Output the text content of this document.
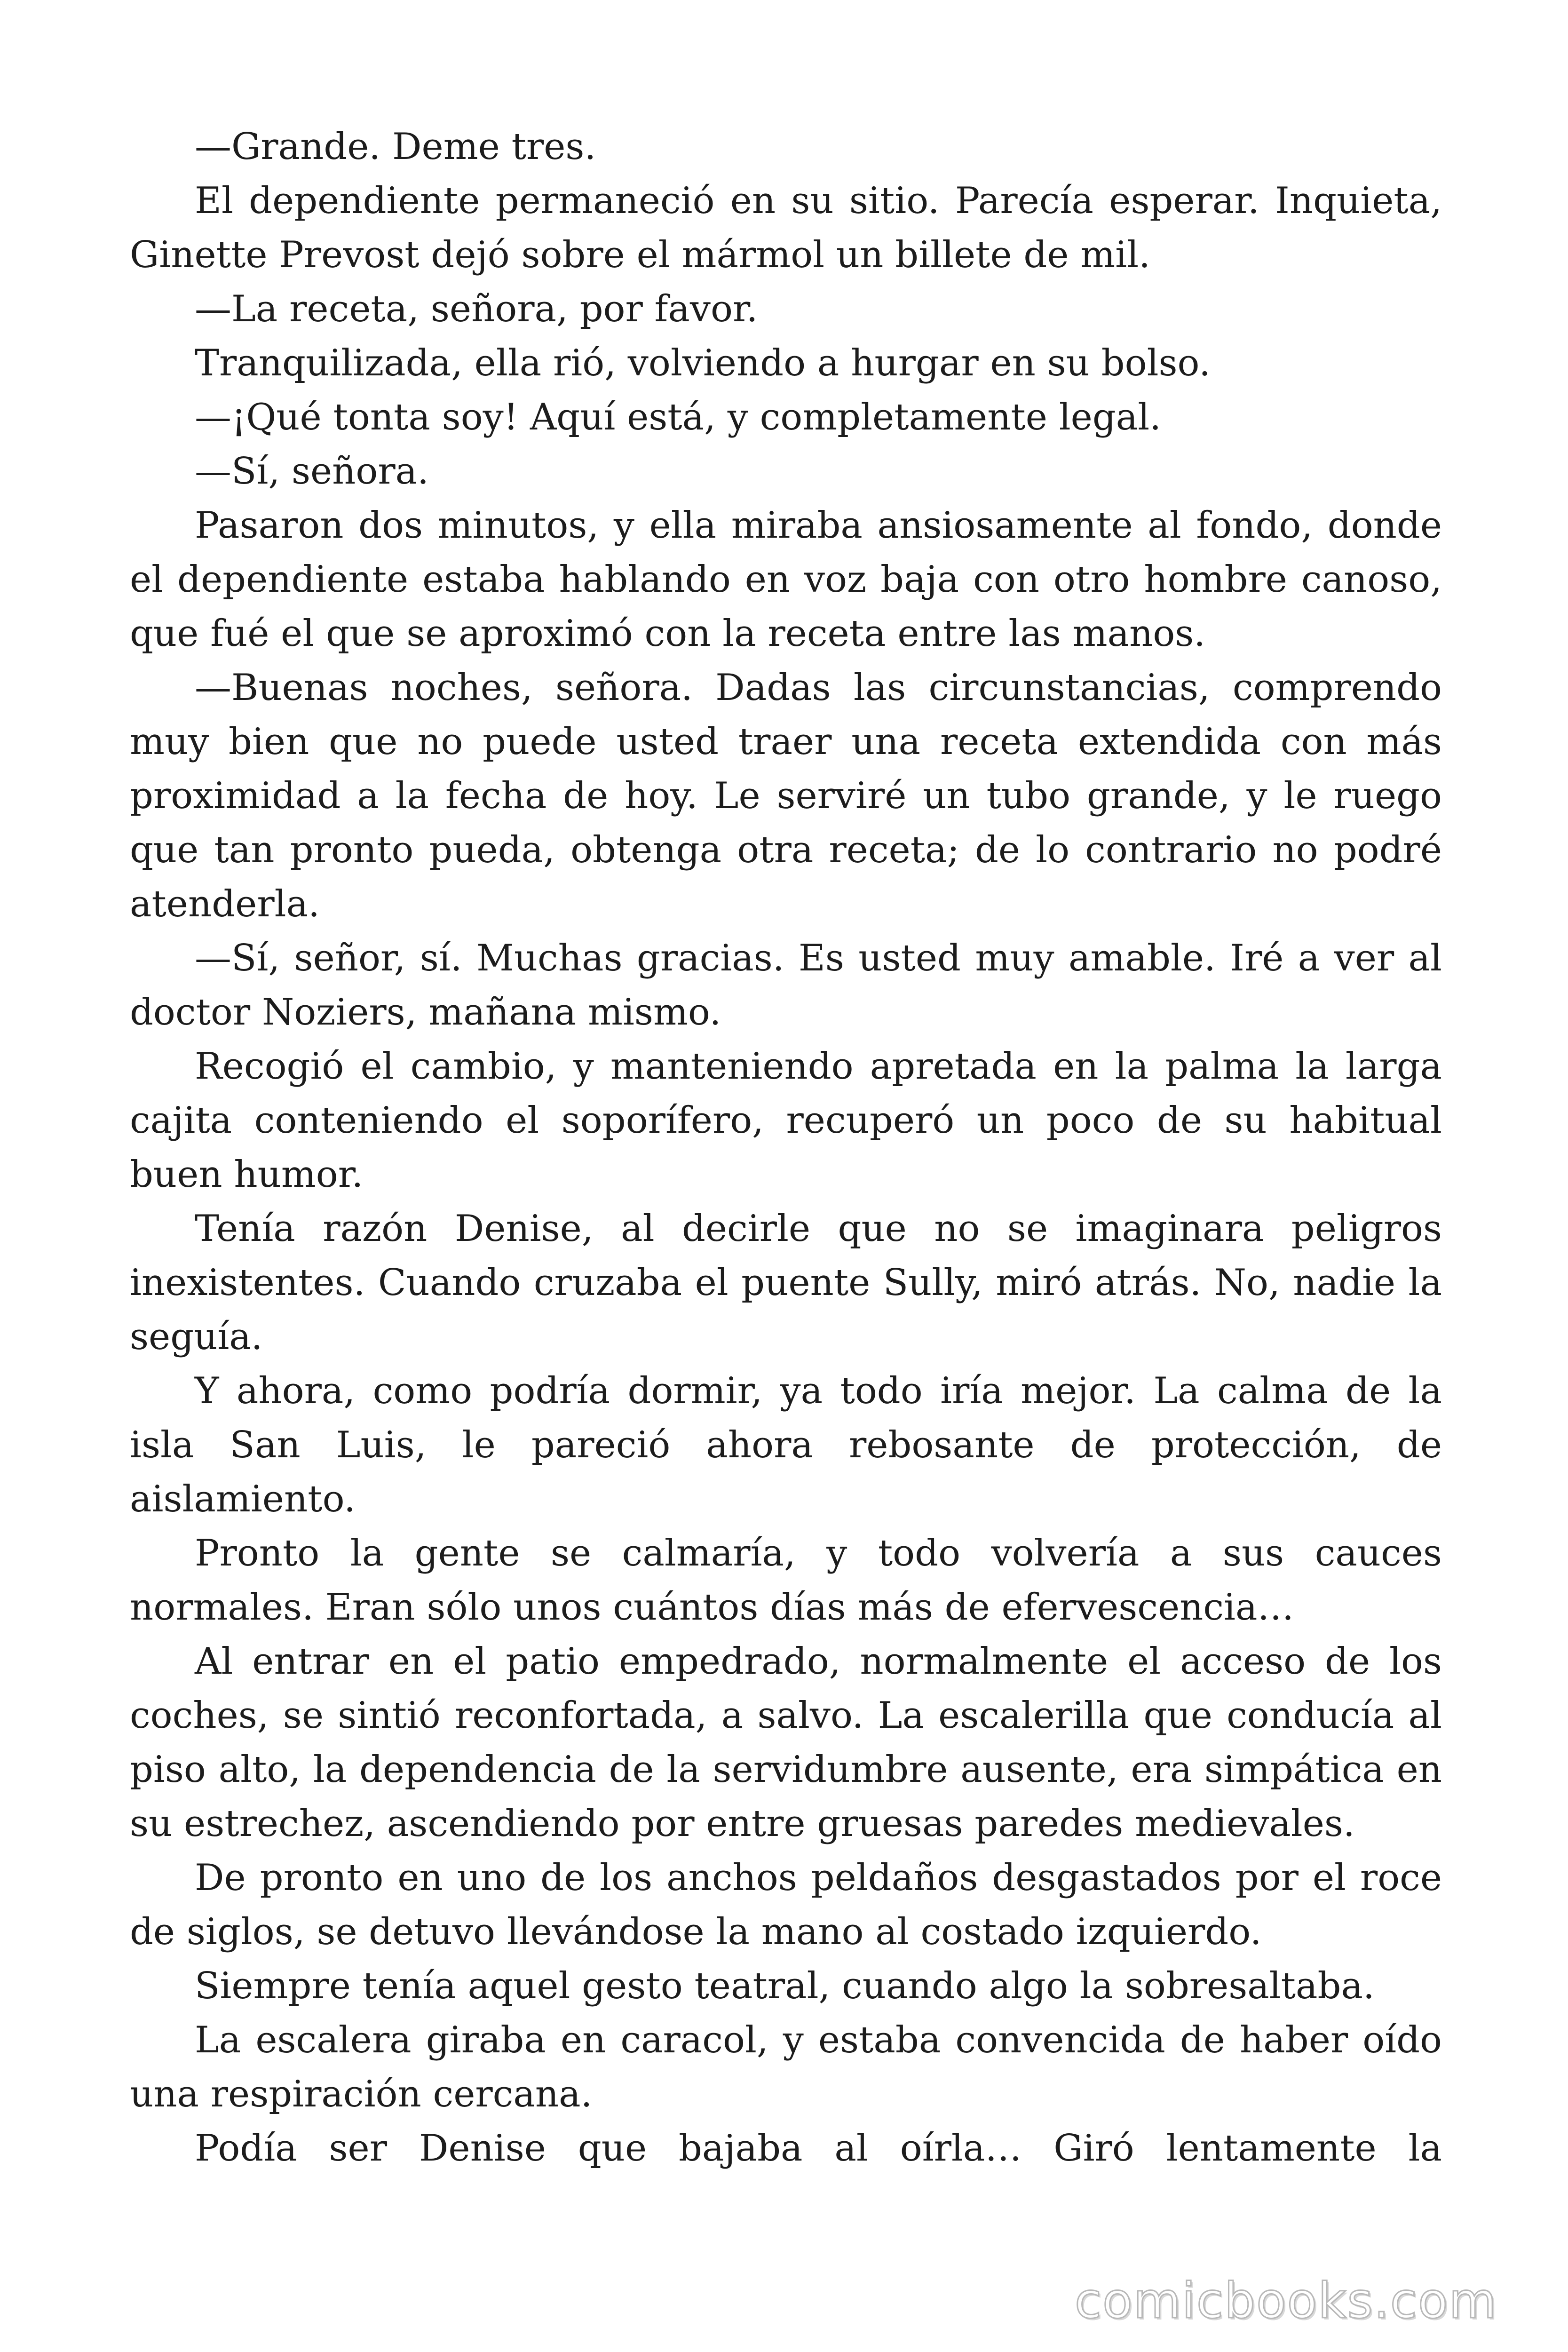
—Grande. Deme tres.

El dependiente permaneció en su sitio. Parecía esperar. Inquieta, Ginette Prevost dejó sobre el mármol un billete de mil.

—La receta, señora, por favor.

Tranquilizada, ella rió, volviendo a hurgar en su bolso.

—¡Qué tonta soy! Aquí está, y completamente legal.

—Sí, señora.

Pasaron dos minutos, y ella miraba ansiosamente al fondo, donde el dependiente estaba hablando en voz baja con otro hombre canoso, que fué el que se aproximó con la receta entre las manos.

—Buenas noches, señora. Dadas las circunstancias, comprendo muy bien que no puede usted traer una receta extendida con más proximidad a la fecha de hoy. Le serviré un tubo grande, y le ruego que tan pronto pueda, obtenga otra receta; de lo contrario no podré atenderla.

—Sí, señor, sí. Muchas gracias. Es usted muy amable. Iré a ver al doctor Noziers, mañana mismo.

Recogió el cambio, y manteniendo apretada en la palma la larga cajita conteniendo el soporífero, recuperó un poco de su habitual buen humor.

Tenía razón Denise, al decirle que no se imaginara peligros inexistentes. Cuando cruzaba el puente Sully, miró atrás. No, nadie la seguía.

Y ahora, como podría dormir, ya todo iría mejor. La calma de la isla San Luis, le pareció ahora rebosante de protección, de aislamiento.

Pronto la gente se calmaría, y todo volvería a sus cauces normales. Eran sólo unos cuántos días más de efervescencia…

Al entrar en el patio empedrado, normalmente el acceso de los coches, se sintió reconfortada, a salvo. La escalerilla que conducía al piso alto, la dependencia de la servidumbre ausente, era simpática en su estrechez, ascendiendo por entre gruesas paredes medievales.

De pronto en uno de los anchos peldaños desgastados por el roce de siglos, se detuvo llevándose la mano al costado izquierdo.

Siempre tenía aquel gesto teatral, cuando algo la sobresaltaba.

La escalera giraba en caracol, y estaba convencida de haber oído una respiración cercana.

Podía ser Denise que bajaba al oírla… Giró lentamente la

comicbooks.com
